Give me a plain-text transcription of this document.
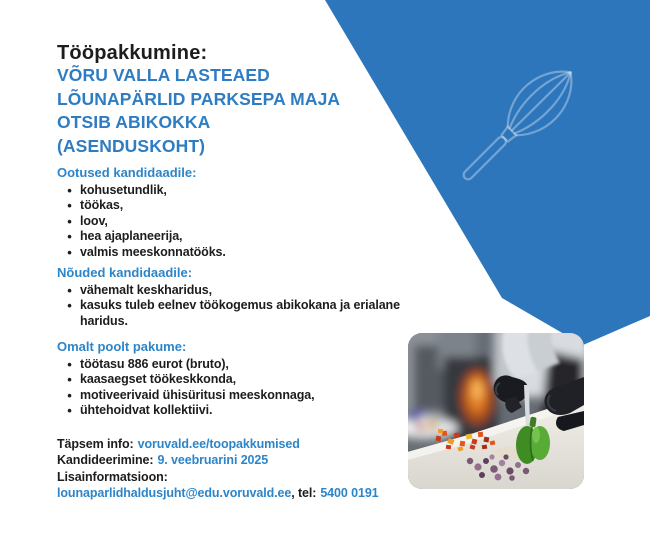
Tööpakkumine:
VÕRU VALLA LASTEAED
LÕUNAPÄRLID PARKSEPA MAJA
OTSIB ABIKOKKA
(ASENDUSKOHT)
Ootused kandidaadile:
• kohusetundlik,
• töökas,
• loov,
• hea ajaplaneerija,
• valmis meeskonnatööks.
Nõuded kandidaadile:
• vähemalt keskharidus,
• kasuks tuleb eelnev töökogemus abikokana ja erialane haridus.
Omalt poolt pakume:
• töötasu 886 eurot (bruto),
• kaasaegset töökeskkonda,
• motiveerivaid ühisüritusi meeskonnaga,
• ühtehoidvat kollektiivi.
Täpsem info: voruvald.ee/toopakkumised
Kandideerimine: 9. veebruarini 2025
Lisainformatsioon:
lounaparlidhaldusjuht@edu.voruvald.ee, tel: 5400 0191
